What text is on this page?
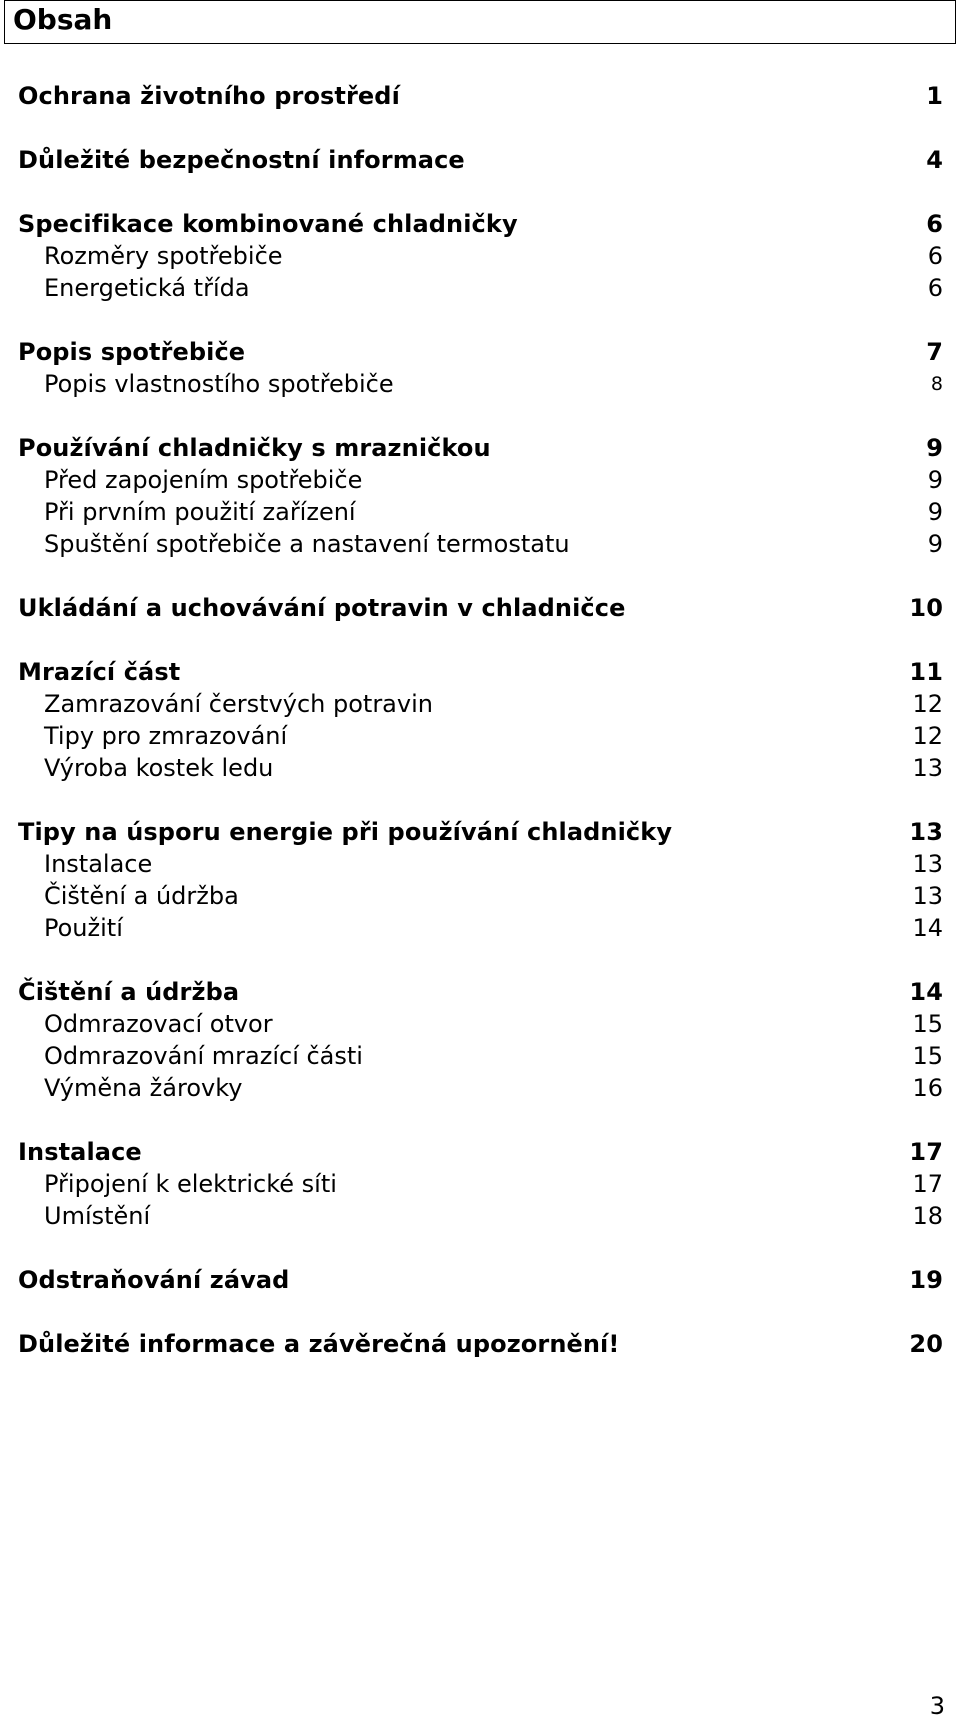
Obsah
Ochrana životního prostředí	1
Důležité bezpečnostní informace	4
Specifikace kombinované chladničky	6
Rozměry spotřebiče	6
Energetická třída	6
Popis spotřebiče	7
Popis vlastnostího spotřebiče	8
Používání chladničky s mrazničkou	9
Před zapojením spotřebiče	9
Při prvním použití zařízení	9
Spuštění spotřebiče a nastavení termostatu	9
Ukládání a uchovávání potravin v chladničce	10
Mrazící část	11
Zamrazování čerstvých potravin	12
Tipy pro zmrazování	12
Výroba kostek ledu	13
Tipy na úsporu energie při používání chladničky	13
Instalace	13
Čištění a údržba	13
Použití	14
Čištění a údržba	14
Odmrazovací otvor	15
Odmrazování mrazící části	15
Výměna žárovky	16
Instalace	17
Připojení k elektrické síti	17
Umístění	18
Odstraňování závad	19
Důležité informace a závěrečná upozornění!	20
3
